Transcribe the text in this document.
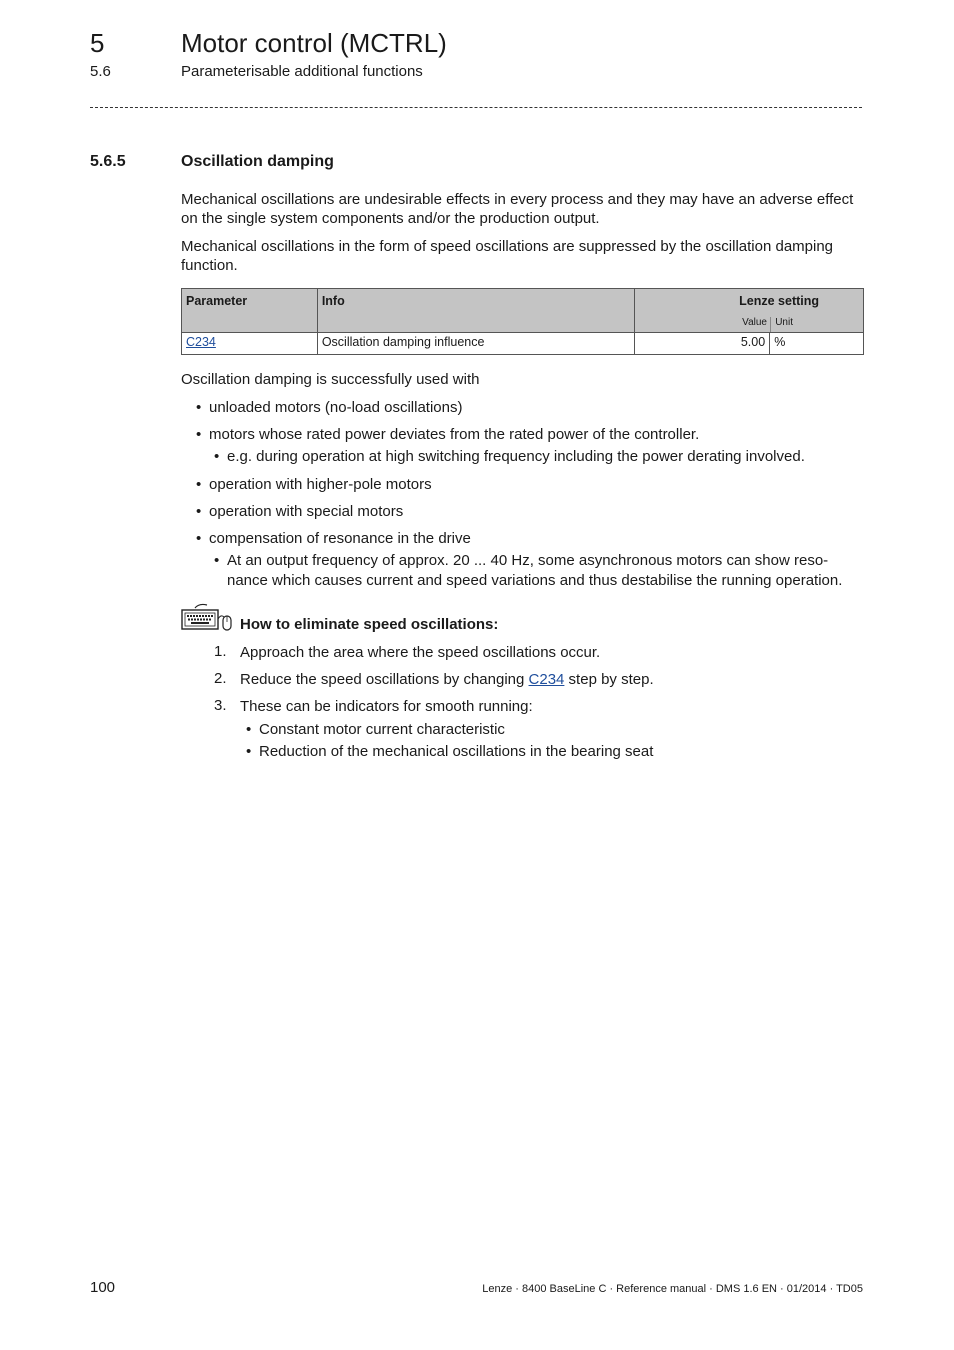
5	Motor control (MCTRL)
5.6	Parameterisable additional functions
5.6.5	Oscillation damping
Mechanical oscillations are undesirable effects in every process and they may have an adverse effect on the single system components and/or the production output.
Mechanical oscillations in the form of speed oscillations are suppressed by the oscillation damping function.
Parameter	Info	Lenze setting
Value Unit

C234	Oscillation damping influence	5.00 %
Oscillation damping is successfully used with
unloaded motors (no-load oscillations)
motors whose rated power deviates from the rated power of the controller.
e.g. during operation at high switching frequency including the power derating involved.
operation with higher-pole motors
operation with special motors
compensation of resonance in the drive
At an output frequency of approx. 20 ... 40 Hz, some asynchronous motors can show reso-
nance which causes current and speed variations and thus destabilise the running operation.
How to eliminate speed oscillations:
1. Approach the area where the speed oscillations occur.
2. Reduce the speed oscillations by changing C234 step by step.
3. These can be indicators for smooth running:
Constant motor current characteristic
Reduction of the mechanical oscillations in the bearing seat
100	Lenze · 8400 BaseLine C · Reference manual · DMS 1.6 EN · 01/2014 · TD05
